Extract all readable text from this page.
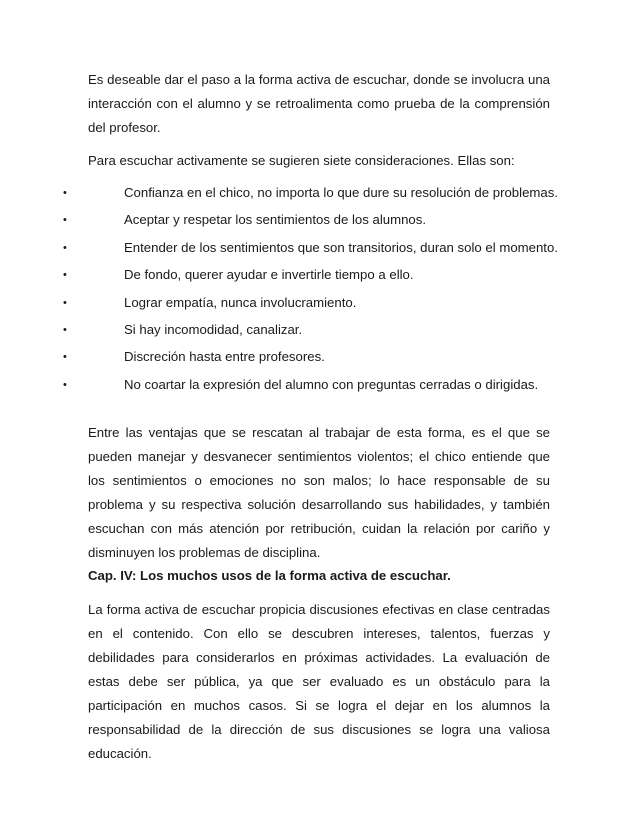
Es deseable dar el paso a la forma activa de escuchar, donde se involucra una interacción con el alumno y se retroalimenta como prueba de la comprensión del profesor.

Para escuchar activamente se sugieren siete consideraciones. Ellas son:

•	Confianza en el chico, no importa lo que dure su resolución de problemas.
•	Aceptar y respetar los sentimientos de los alumnos.
•	Entender de los sentimientos que son transitorios, duran solo el momento.
•	De fondo, querer ayudar e invertirle tiempo a ello.
•	Lograr empatía, nunca involucramiento.
•	Si hay incomodidad, canalizar.
•	Discreción hasta entre profesores.
•	No coartar la expresión del alumno con preguntas cerradas o dirigidas.

Entre las ventajas que se rescatan al trabajar de esta forma, es el que se pueden manejar y desvanecer sentimientos violentos; el chico entiende que los sentimientos o emociones no son malos; lo hace responsable de su problema y su respectiva solución desarrollando sus habilidades, y también escuchan con más atención por retribución, cuidan la relación por cariño y disminuyen los problemas de disciplina.

Cap. IV: Los muchos usos de la forma activa de escuchar.

La forma activa de escuchar propicia discusiones efectivas en clase centradas en el contenido. Con ello se descubren intereses, talentos, fuerzas y debilidades para considerarlos en próximas actividades. La evaluación de estas debe ser pública, ya que ser evaluado es un obstáculo para la participación en muchos casos. Si se logra el dejar en los alumnos la responsabilidad de la dirección de sus discusiones se logra una valiosa educación.
